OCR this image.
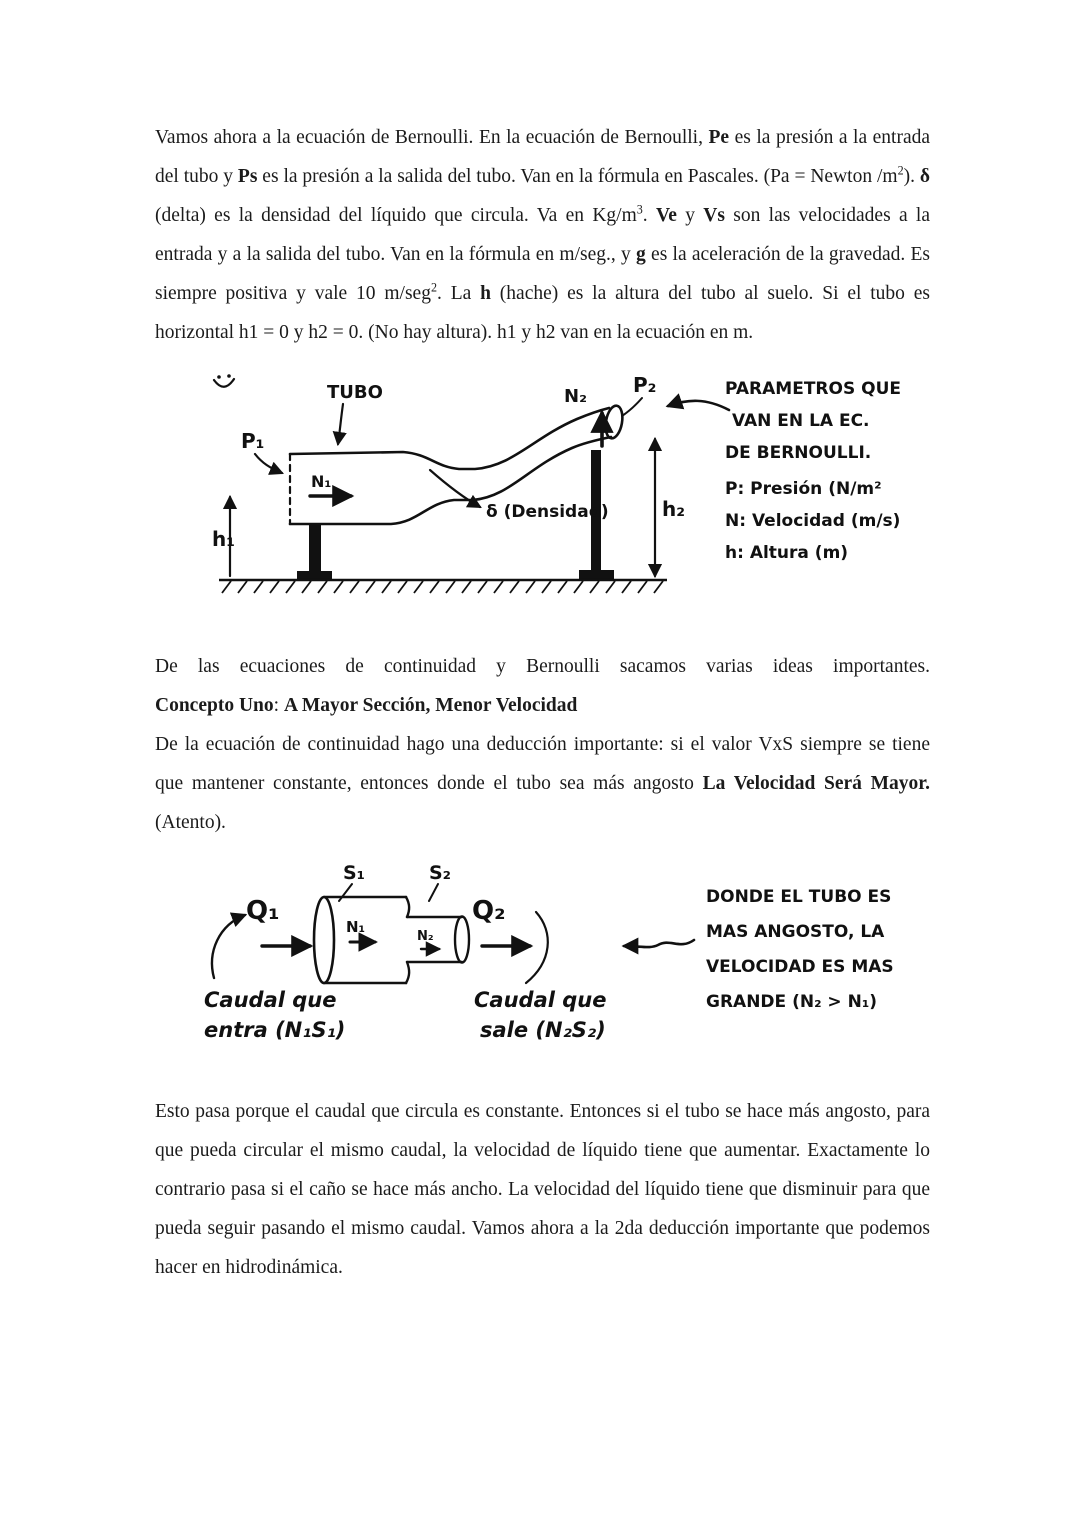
Vamos ahora a la ecuación de Bernoulli. En la ecuación de Bernoulli, Pe es la presión a la entrada del tubo y Ps es la presión a la salida del tubo. Van en la fórmula en Pascales. (Pa = Newton $/m^2$). δ (delta) es la densidad del líquido que circula. Va en $Kg/m^3$. Ve y Vs son las velocidades a la entrada y a la salida del tubo. Van en la fórmula en m/seg., y g es la aceleración de la gravedad. Es siempre positiva y vale 10 m/seg$^2$. La h (hache) es la altura del tubo al suelo. Si el tubo es horizontal h1 = 0 y h2 = 0. (No hay altura). h1 y h2 van en la ecuación en m.

TUBO
P₁
N₁
N₂ P₂
δ (Densidad)
h₁
h₂
PARAMETROS QUE
VAN EN LA EC.
DE BERNOULLI.
P: Presión (N/m²
N: Velocidad (m/s)
h: Altura (m)

De las ecuaciones de continuidad y Bernoulli sacamos varias ideas importantes.

Concepto Uno: A Mayor Sección, Menor Velocidad

De la ecuación de continuidad hago una deducción importante: si el valor VxS siempre se tiene que mantener constante, entonces donde el tubo sea más angosto La Velocidad Será Mayor. (Atento).

Q₁
S₁	S₂
Q₂
N₁
N₂
Caudal que
entra (N₁S₁)
Caudal que
sale (N₂S₂)
DONDE EL TUBO ES
MAS ANGOSTO, LA
VELOCIDAD ES MAS
GRANDE (N₂ > N₁)

Esto pasa porque el caudal que circula es constante. Entonces si el tubo se hace más angosto, para que pueda circular el mismo caudal, la velocidad de líquido tiene que aumentar. Exactamente lo contrario pasa si el caño se hace más ancho. La velocidad del líquido tiene que disminuir para que pueda seguir pasando el mismo caudal. Vamos ahora a la 2da deducción importante que podemos hacer en hidrodinámica.
